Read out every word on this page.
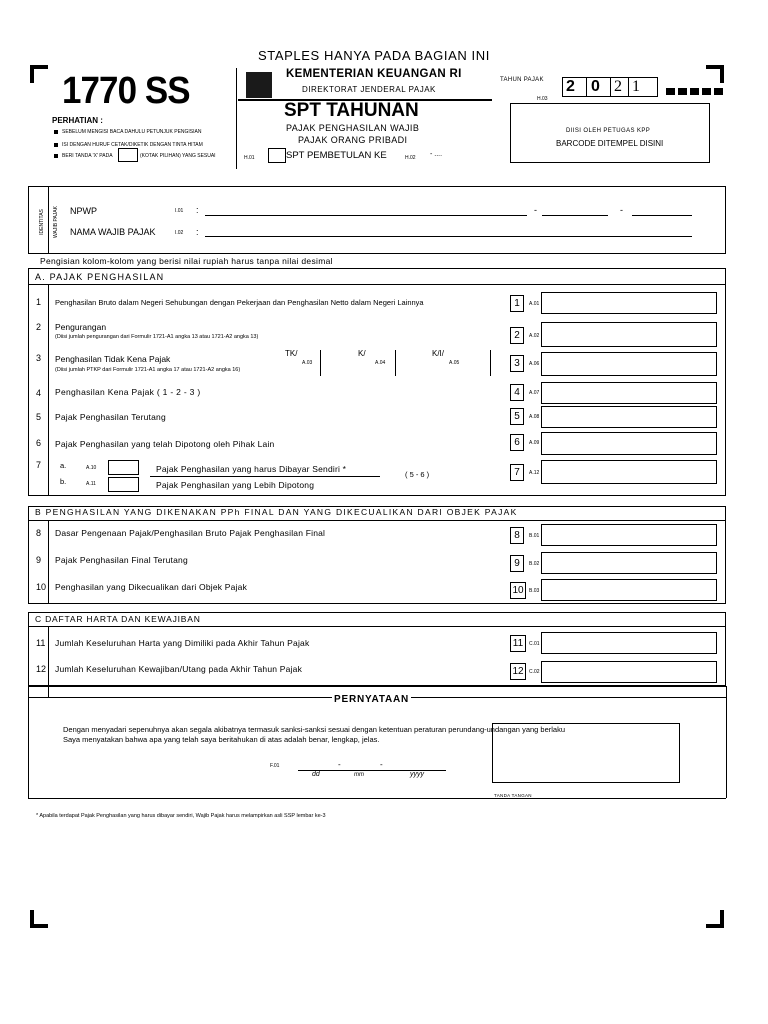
STAPLES HANYA PADA BAGIAN INI
1770 SS
PERHATIAN :
SEBELUM MENGISI BACA DAHULU PETUNJUK PENGISIAN
ISI DENGAN HURUF CETAK/DIKETIK DENGAN TINTA HITAM
BERI TANDA 'X' PADA	(KOTAK PILIHAN) YANG SESUAI
KEMENTERIAN KEUANGAN RI
DIREKTORAT JENDERAL PAJAK
SPT TAHUNAN
PAJAK PENGHASILAN WAJIB
PAJAK ORANG PRIBADI
H.01	SPT PEMBETULAN KE	H.02 - ....
TAHUN PAJAK
H.03
2 0 2 1
DIISI OLEH PETUGAS KPP
BARCODE DITEMPEL DISINI
IDENTITAS WAJIB PAJAK NPWP	I.01 :	-	-
NAMA WAJIB PAJAK	I.02 :
Pengisian kolom-kolom yang berisi nilai rupiah harus tanpa nilai desimal
A. PAJAK PENGHASILAN
1 Penghasilan Bruto dalam Negeri Sehubungan dengan Pekerjaan dan Penghasilan Netto dalam Negeri Lainnya	1	A.01
2 Pengurangan
(Diisi jumlah pengurangan dari Formulir 1721-A1 angka 13 atau 1721-A2 angka 13)	2	A.02
3 Penghasilan Tidak Kena Pajak
(Diisi jumlah PTKP dari Formulir 1721-A1 angka 17 atau 1721-A2 angka 16)
TK/
A.03
K/
A.04
K/I/
A.05	3	A.06
4 Penghasilan Kena Pajak ( 1 - 2 - 3 )	4	A.07
5 Pajak Penghasilan Terutang	5	A.08
6 Pajak Penghasilan yang telah Dipotong oleh Pihak Lain	6	A.09
7	a.	A.10	Pajak Penghasilan yang harus Dibayar Sendiri *
( 5 - 6 )
b.	A.11	Pajak Penghasilan yang Lebih Dipotong
7	A.12
B PENGHASILAN YANG DIKENAKAN PPh FINAL DAN YANG DIKECUALIKAN DARI OBJEK PAJAK
8 Dasar Pengenaan Pajak/Penghasilan Bruto Pajak Penghasilan Final	8	B.01
9 Pajak Penghasilan Final Terutang	9	B.02
10 Penghasilan yang Dikecualikan dari Objek Pajak	10	B.03
C DAFTAR HARTA DAN KEWAJIBAN
11 Jumlah Keseluruhan Harta yang Dimiliki pada Akhir Tahun Pajak	11	C.01
12 Jumlah Keseluruhan Kewajiban/Utang pada Akhir Tahun Pajak	12	C.02
PERNYATAAN
Dengan menyadari sepenuhnya akan segala akibatnya termasuk sanksi-sanksi sesuai dengan ketentuan peraturan perundang-undangan yang berlaku
Saya menyatakan bahwa apa yang telah saya beritahukan di atas adalah benar, lengkap, jelas.
F.01	-	-
dd	mm	yyyy
TANDA TANGAN
* Apabila terdapat Pajak Penghasilan yang harus dibayar sendiri, Wajib Pajak harus melampirkan asli SSP lembar ke-3
